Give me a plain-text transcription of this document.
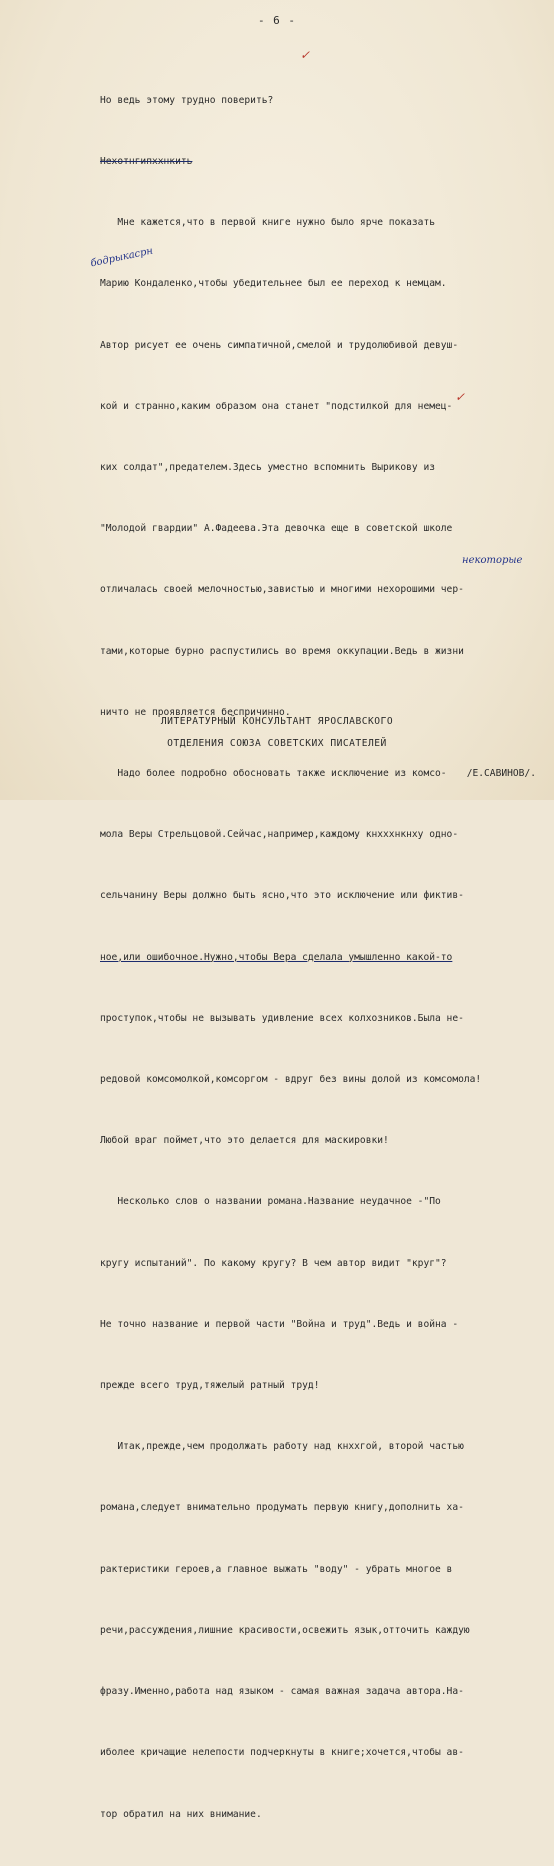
- 6 -

Но ведь этому трудно поверить?

Нехотнгипххнкить

Мне кажется,что в первой книге нужно было ярче показать

Марию Кондаленко,чтобы убедительнее был ее переход к немцам.

Автор рисует ее очень симпатичной,смелой и трудолюбивой девуш-

кой и странно,каким образом она станет "подстилкой для немец-

ких солдат",предателем.Здесь уместно вспомнить Вырикову из

"Молодой гвардии" А.Фадеева.Эта девочка еще в советской школе

отличалась своей мелочностью,завистью и многими нехорошими чер-

тами,которые бурно распустились во время оккупации.Ведь в жизни

ничто не проявляется беспричинно.

Надо более подробно обосновать также исключение из комсо-

мола Веры Стрельцовой.Сейчас,например,каждому кнхххнкнху одно-

сельчанину Веры должно быть ясно,что это исключение или фиктив-

ное,или ошибочное.Нужно,чтобы Вера сделала умышленно какой-то

проступок,чтобы не вызывать удивление всех колхозников.Была не-

редовой комсомолкой,комсоргом - вдруг без вины долой из комсомола!

Любой враг поймет,что это делается для маскировки!

Несколько слов о названии романа.Название неудачное -"По

кругу испытаний". По какому кругу? В чем автор видит "круг"?

Не точно название и первой части "Война и труд".Ведь и война -

прежде всего труд,тяжелый ратный труд!

Итак,прежде,чем продолжать работу над кнххгой, второй частью

романа,следует внимательно продумать первую книгу,дополнить ха-

рактеристики героев,а главное выжать "воду" - убрать многое в

речи,рассуждения,лишние красивости,освежить язык,отточить каждую

фразу.Именно,работа над языком - самая важная задача автора.На-

иболее кричащие нелепости подчеркнуты в книге;хочется,чтобы ав-

тор обратил на них внимание.

некоторые
бодрыкасрн
✓
✓
ЛИТЕРАТУРНЫЙ КОНСУЛЬТАНТ ЯРОСЛАВСКОГО
ОТДЕЛЕНИЯ СОЮЗА СОВЕТСКИХ ПИСАТЕЛЕЙ
/Е.САВИНОВ/.
